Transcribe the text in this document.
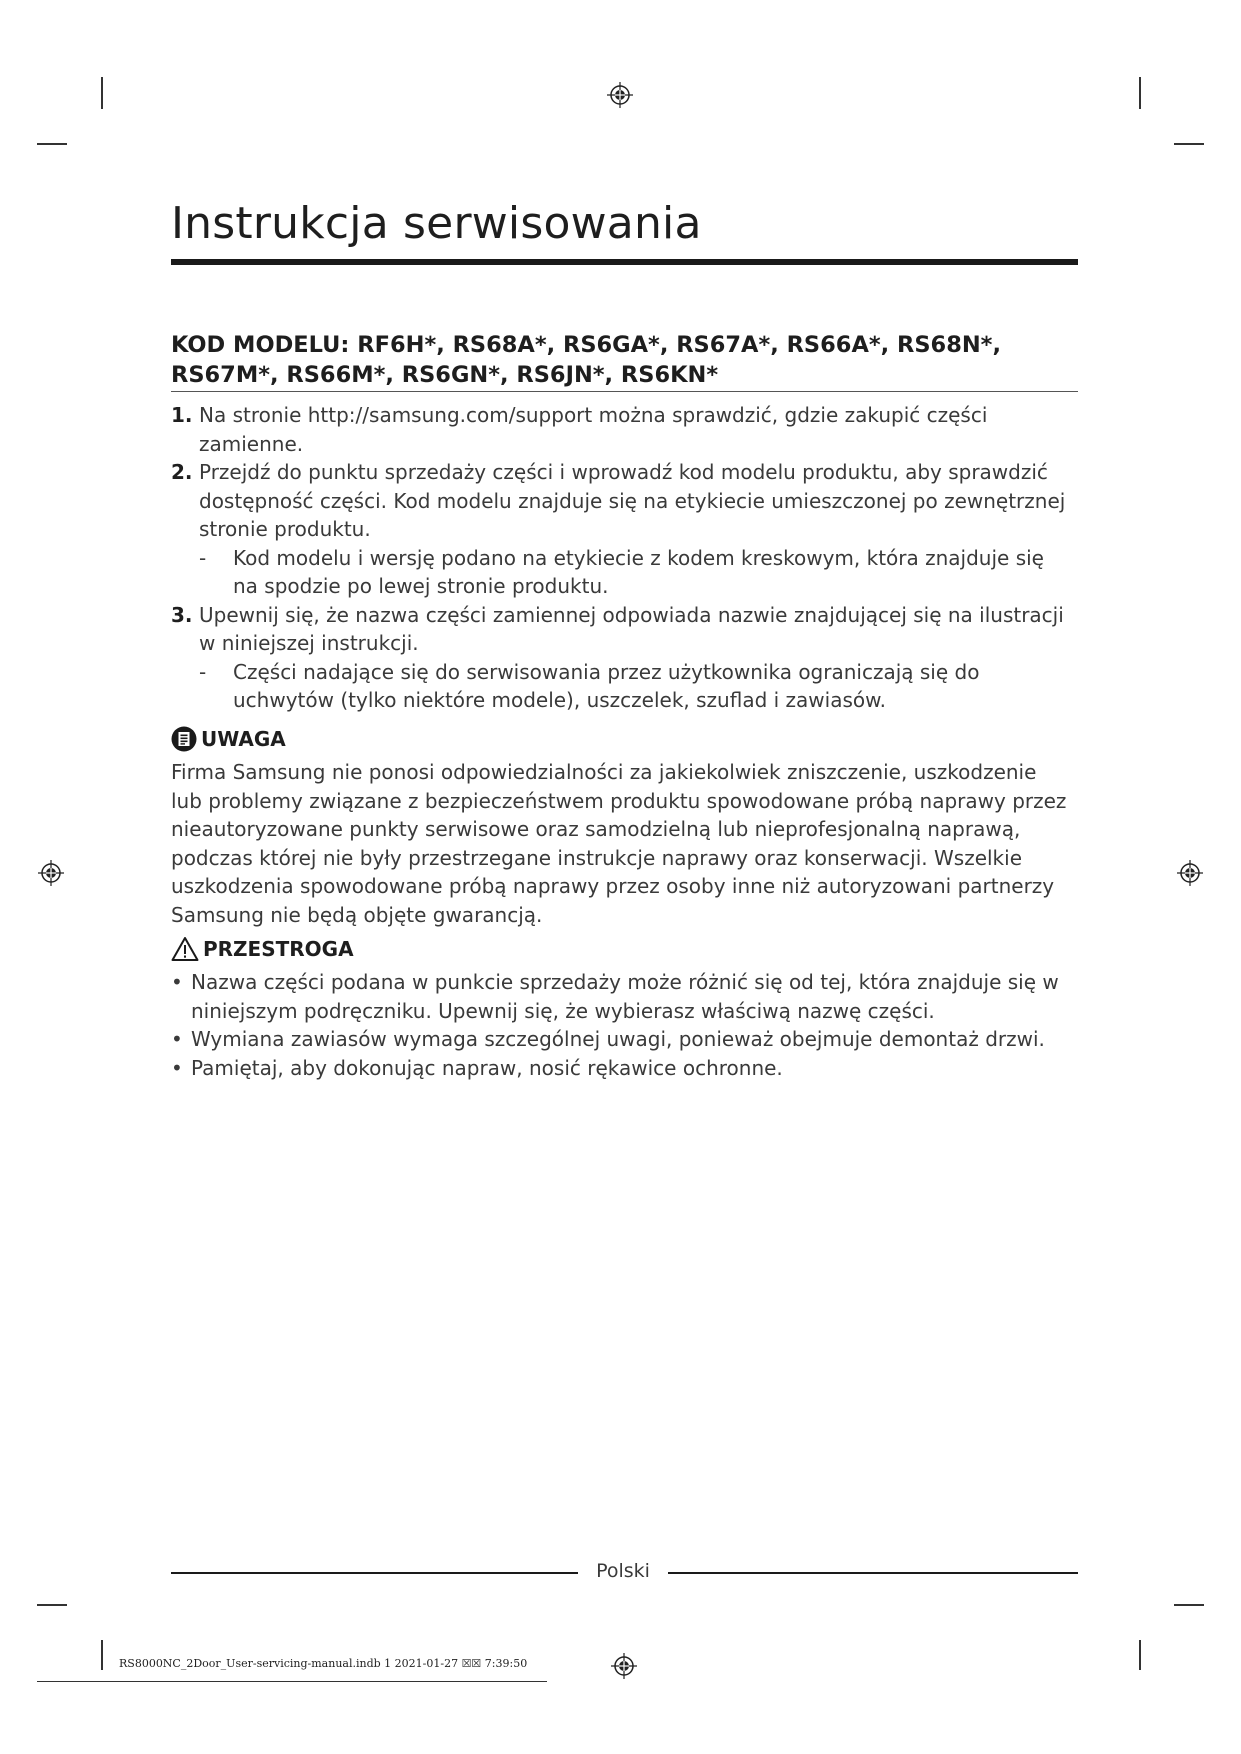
Instrukcja serwisowania
KOD MODELU: RF6H*, RS68A*, RS6GA*, RS67A*, RS66A*, RS68N*, RS67M*, RS66M*, RS6GN*, RS6JN*, RS6KN*
1. Na stronie http://samsung.com/support można sprawdzić, gdzie zakupić części zamienne.
2. Przejdź do punktu sprzedaży części i wprowadź kod modelu produktu, aby sprawdzić dostępność części. Kod modelu znajduje się na etykiecie umieszczonej po zewnętrznej stronie produktu.
- Kod modelu i wersję podano na etykiecie z kodem kreskowym, która znajduje się na spodzie po lewej stronie produktu.
3. Upewnij się, że nazwa części zamiennej odpowiada nazwie znajdującej się na ilustracji w niniejszej instrukcji.
- Części nadające się do serwisowania przez użytkownika ograniczają się do uchwytów (tylko niektóre modele), uszczelek, szuflad i zawiasów.
UWAGA
Firma Samsung nie ponosi odpowiedzialności za jakiekolwiek zniszczenie, uszkodzenie lub problemy związane z bezpieczeństwem produktu spowodowane próbą naprawy przez nieautoryzowane punkty serwisowe oraz samodzielną lub nieprofesjonalną naprawą, podczas której nie były przestrzegane instrukcje naprawy oraz konserwacji. Wszelkie uszkodzenia spowodowane próbą naprawy przez osoby inne niż autoryzowani partnerzy Samsung nie będą objęte gwarancją.
PRZESTROGA
• Nazwa części podana w punkcie sprzedaży może różnić się od tej, która znajduje się w niniejszym podręczniku. Upewnij się, że wybierasz właściwą nazwę części.
• Wymiana zawiasów wymaga szczególnej uwagi, ponieważ obejmuje demontaż drzwi.
• Pamiętaj, aby dokonując napraw, nosić rękawice ochronne.
Polski
RS8000NC_2Door_User-servicing-manual.indb 1 2021-01-27 ☒☒ 7:39:50
